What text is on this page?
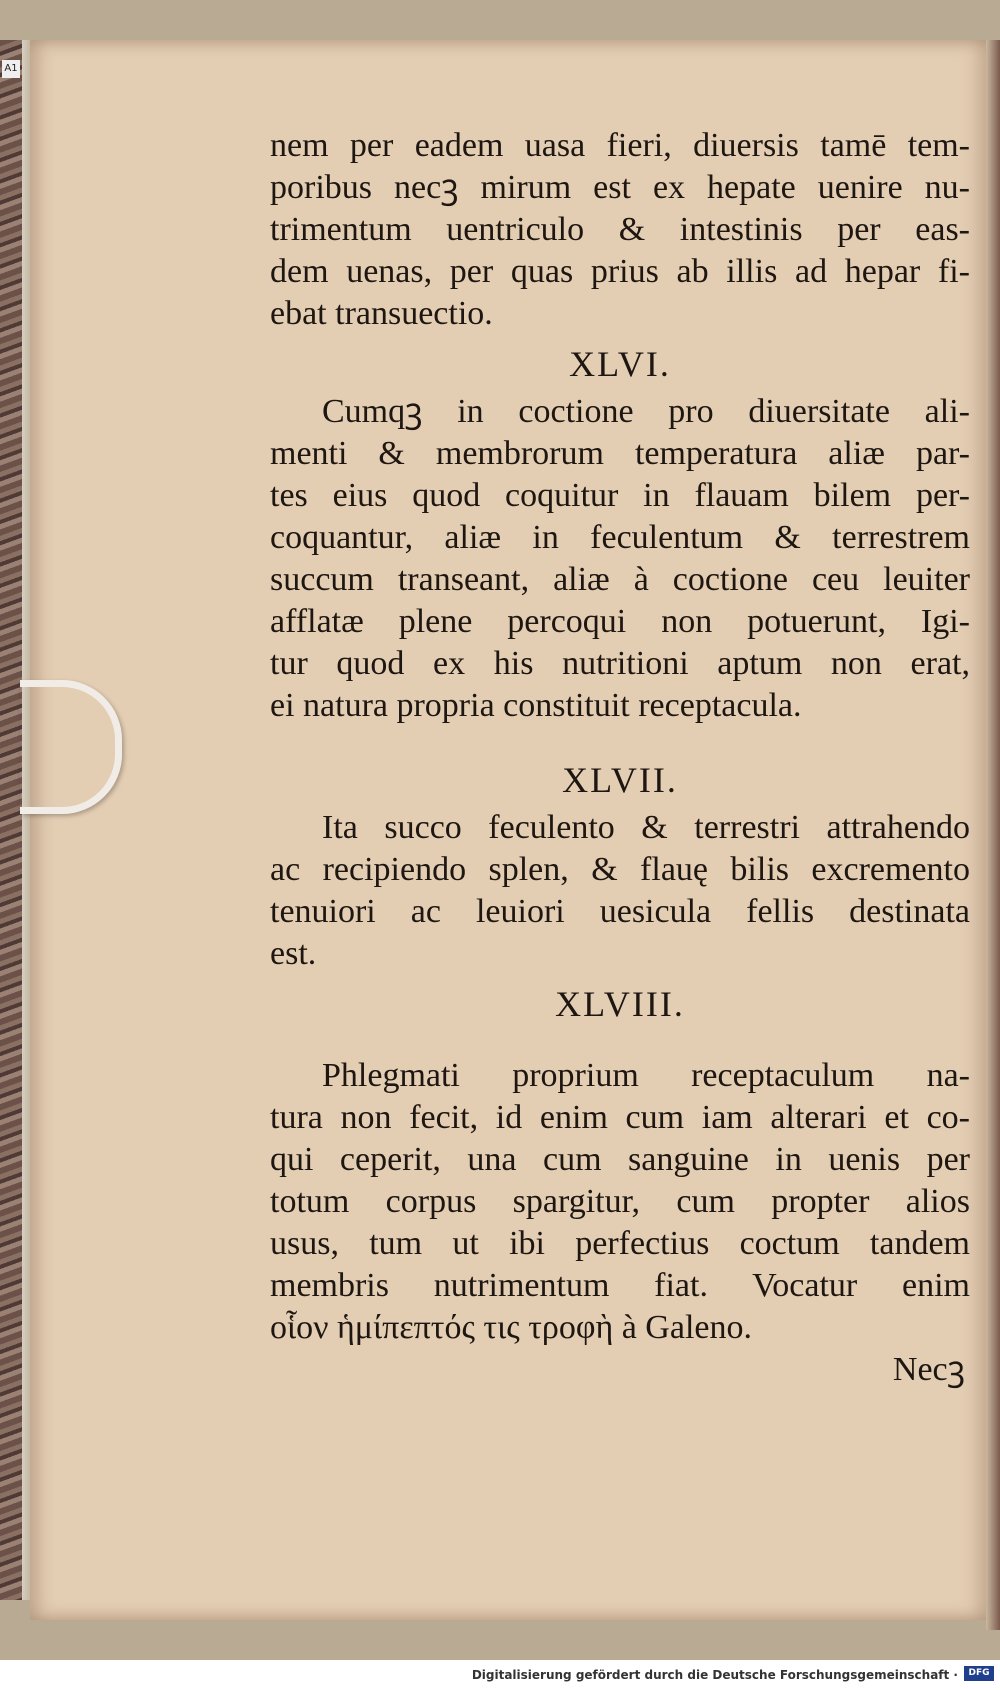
A1
nem per eadem uasa fieri, diuersis tamē tem-
poribus necꝫ mirum est ex hepate uenire nu-
trimentum uentriculo & intestinis per eas-
dem uenas, per quas prius ab illis ad hepar fi-
ebat transuectio.
XLVI.
Cumqꝫ in coctione pro diuersitate ali-
menti & membrorum temperatura aliæ par-
tes eius quod coquitur in flauam bilem per-
coquantur, aliæ in feculentum & terrestrem
succum transeant, aliæ à coctione ceu leuiter
afflatæ plene percoqui non potuerunt, Igi-
tur quod ex his nutritioni aptum non erat,
ei natura propria constituit receptacula.
XLVII.
Ita succo feculento & terrestri attrahendo
ac recipiendo splen, & flauę bilis excremento
tenuiori ac leuiori uesicula fellis destinata
est.
XLVIII.
Phlegmati proprium receptaculum na-
tura non fecit, id enim cum iam alterari et co-
qui ceperit, una cum sanguine in uenis per
totum corpus spargitur, cum propter alios
usus, tum ut ibi perfectius coctum tandem
membris nutrimentum fiat. Vocatur enim
οἷον ἡμίπεπτός τις τροφὴ à Galeno.
Necꝫ
Digitalisierung gefördert durch die Deutsche Forschungsgemeinschaft ·	DFG
